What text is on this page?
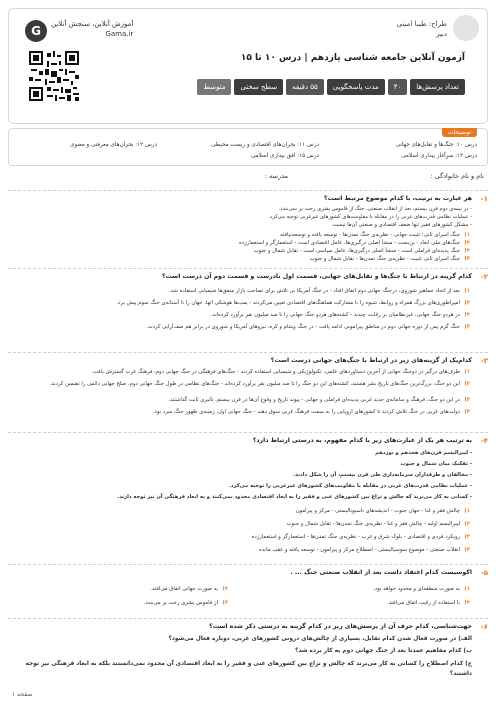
طراح: طیبا امینی
دبیر
G	آموزش آنلاین، سنجش آنلاین
Gama.ir
آزمون آنلاین جامعه شناسی یازدهم | درس ۱۰ تا ۱۵
تعداد پرسش‌ها
۴۰
مدت پاسخگویی
۵۵ دقیقه
سطح سختی
متوسط
توضیحات
درس ۱۰: جنگ‌ها و تقابل‌های جهانی
درس ۱۱: بحران‌های اقتصادی و زیست محیطی
درس ۱۲: بحران‌های معرفتی و معنوی
درس ۱۳: سرآغاز بیداری اسلامی
درس ۱۵: افق بیداری اسلامی
نام و نام خانوادگی :
مدرسه :
۱-
هر عبارت به ترتیب، با کدام موضوع مرتبط است؟
- در نیمه‌ی دوم قرن بیستم، بعد از انقلاب صنعتی، جنگ از قاموس بشری رخت بر نمی‌بندد.
- عملیات نظامی قدرت‌های غربی را در مقابله با مقاومت‌های کشورهای غیرغربی توجیه می‌کرد.
- مشکل کشورهای فقیر تنها ضعف اقتصادی و صنعتی آن‌ها نیست.
۱)جنگ اسرای ثانی؛ تثبیت جهانی - نظریه‌ی جنگ تمدن‌ها - توسعه یافته و توسعه‌نیافته
۲)جنگ‌های ملی ابعاد - بن‌بست - منشأ اصلی درگیری‌ها، عامل اقتصادی است - استعمارگر و استعمارزده
۳)جنگ پدیده‌ای فراملی است - منشأ اصلی درگیری‌ها، عامل سیاسی است - تقابل شمال و جنوب
۴)جنگ اسرای ثانی تثبیت - نظریه‌ی جنگ تمدن‌ها - تقابل شمال و جنوب
۲-
کدام گزینه در ارتباط با جنگ‌ها و تقابل‌های جهانی، قسمت اول نادرست و قسمت دوم آن درست است؟
۱)بعد از اتحاد جماهیر شوروی، درجنگ جهانی دوم اتفاق افتاد - در جنگ آمریکا بی تلاش برای تصاحب بازار متفق‌ها شیمیایی استفاده شد.
۲)امپراطوری‌های بزرگ همراه و روابط، شیوه را با مشارکت هماهنگ‌های اقتصادی تعیین می‌کردند - بمب‌ها هوشکی اتها، جهان را تا آستانه‌ی جنگ سوم پیش برد.
۳)در هردو جنگ جهانی، غیرنظامیان بر رقابت چندند - کشته‌های هردو جنگ جهانی را تا صد میلیون نفر برآورد کرده‌اند.
۴)جنگ گرم پس از دوره جهانی دوم در مناطق پیرامونی ادامه یافت - در جنگ ویتنام و کره، نیروهای آمریکا و شوروی در برابر هم صف‌آرایی کردند.
۳-
کدام‌یک از گزینه‌های زیر در ارتباط با جنگ‌های جهانی درست است؟
۱)طرف‌های درگیر در دوجنگ جهانی از آخرین دستاوردهای علمی، تکنولوژیکی و شیمیایی استفاده کردند - جنگ‌های فرهنگی در جنگ جهانی دوم، فرهنگ غرب گسترش یافت.
۲)این دو جنگ، بزرگ‌ترین جنگ‌های تاریخ بشر هستند، کشته‌های این دو جنگ را تا صد میلیون نفر برآورد کرده‌اند - جنگ‌های نظامی در طول جنگ جهانی دوم، صلح جهانی دائمی را تضمین کردند.
۳)در این دو جنگ، فرهنگ و سامانه‌ی جدید غربی پدیده‌ای فراملی و جهانی - پیوند تاریخ و وقوع آن‌ها در قرن بیستم، تأثیری ثابت گذاشتند.
۴)دولت‌های غربی در جنگ تلاش کردند تا کشورهای اروپایی را به سمت فرهنگ غربی سوق دهند - جنگ جهانی اول، زمینه‌ی ظهور جنگ سرد بود.
۴-
به ترتیب هر یک از عبارت‌های زیر با کدام مفهوم، به درستی ارتباط دارد؟
- لیبرالیسم قرن‌های هجدهم و نوزدهم
- تفکیک میان شمال و جنوب
- مخالفان و طرفداران سرمایه‌داری طی قرن بیستم، آن را شکل دادند.
- عملیات نظامی قدرت‌های غربی در مقابله با مقاومت‌های کشورهای غیرغربی را توجیه می‌کرد.
- کسانی به کار می‌برند که چالش و نزاع بین کشورهای غنی و فقیر را به ابعاد اقتصادی محدود نمی‌کنند و به ابعاد فرهنگی آن نیز توجه دارند.
۱)چالش فقر و غنا - جهان جنوب - اندیشه‌های ناسیونالیستی - مرکز و پیرامون
۲)لیبرالیسم اولیه - چالش فقر و غنا - نظریه‌ی جنگ تمدن‌ها - تقابل شمال و جنوب
۳)رویکرد فردی و اقتصادی - بلوک شرق و غرب - نظریه‌ی جنگ تمدن‌ها - استعمارگر و استعمارزده
۴)انقلاب صنعتی - موضوع سوسیالیستی - اصطلاح مرکز و پیرامون - توسعه یافته و عقب مانده
۵-
اکوسیست کدام اعتقاد داشت بعد از انقلاب صنعتی جنگ ... .
۱)به صورت منطقه‌ای و محدود خواهد بود.
۲)به صورت جهانی اتفاق می‌افتد.
۳)با استفاده از رقیب اتفاق می‌افتد.
۴)از قاموس بشری رخت بر می‌بندد.
۶-
جهت‌شناسی، کدام حرف آن از پرسش‌های زیر در کدام گزینه به درستی ذکر شده است؟
الف) در صورت فعال شدن کدام تقابل، بسیاری از چالش‌های درونی کشورهای غربی، دوباره فعال می‌شود؟
ب) کدام مفاهیم عمدتاً بعد از جنگ جهانی دوم به کار برده شد؟
ج) کدام اصطلاح را کسانی به کار می‌برند که چالش و نزاع بین کشورهای غنی و فقیر را به ابعاد اقتصادی آن محدود نمی‌دانستند بلکه به ابعاد فرهنگی نیز توجه داشتند؟
صفحه ۱
